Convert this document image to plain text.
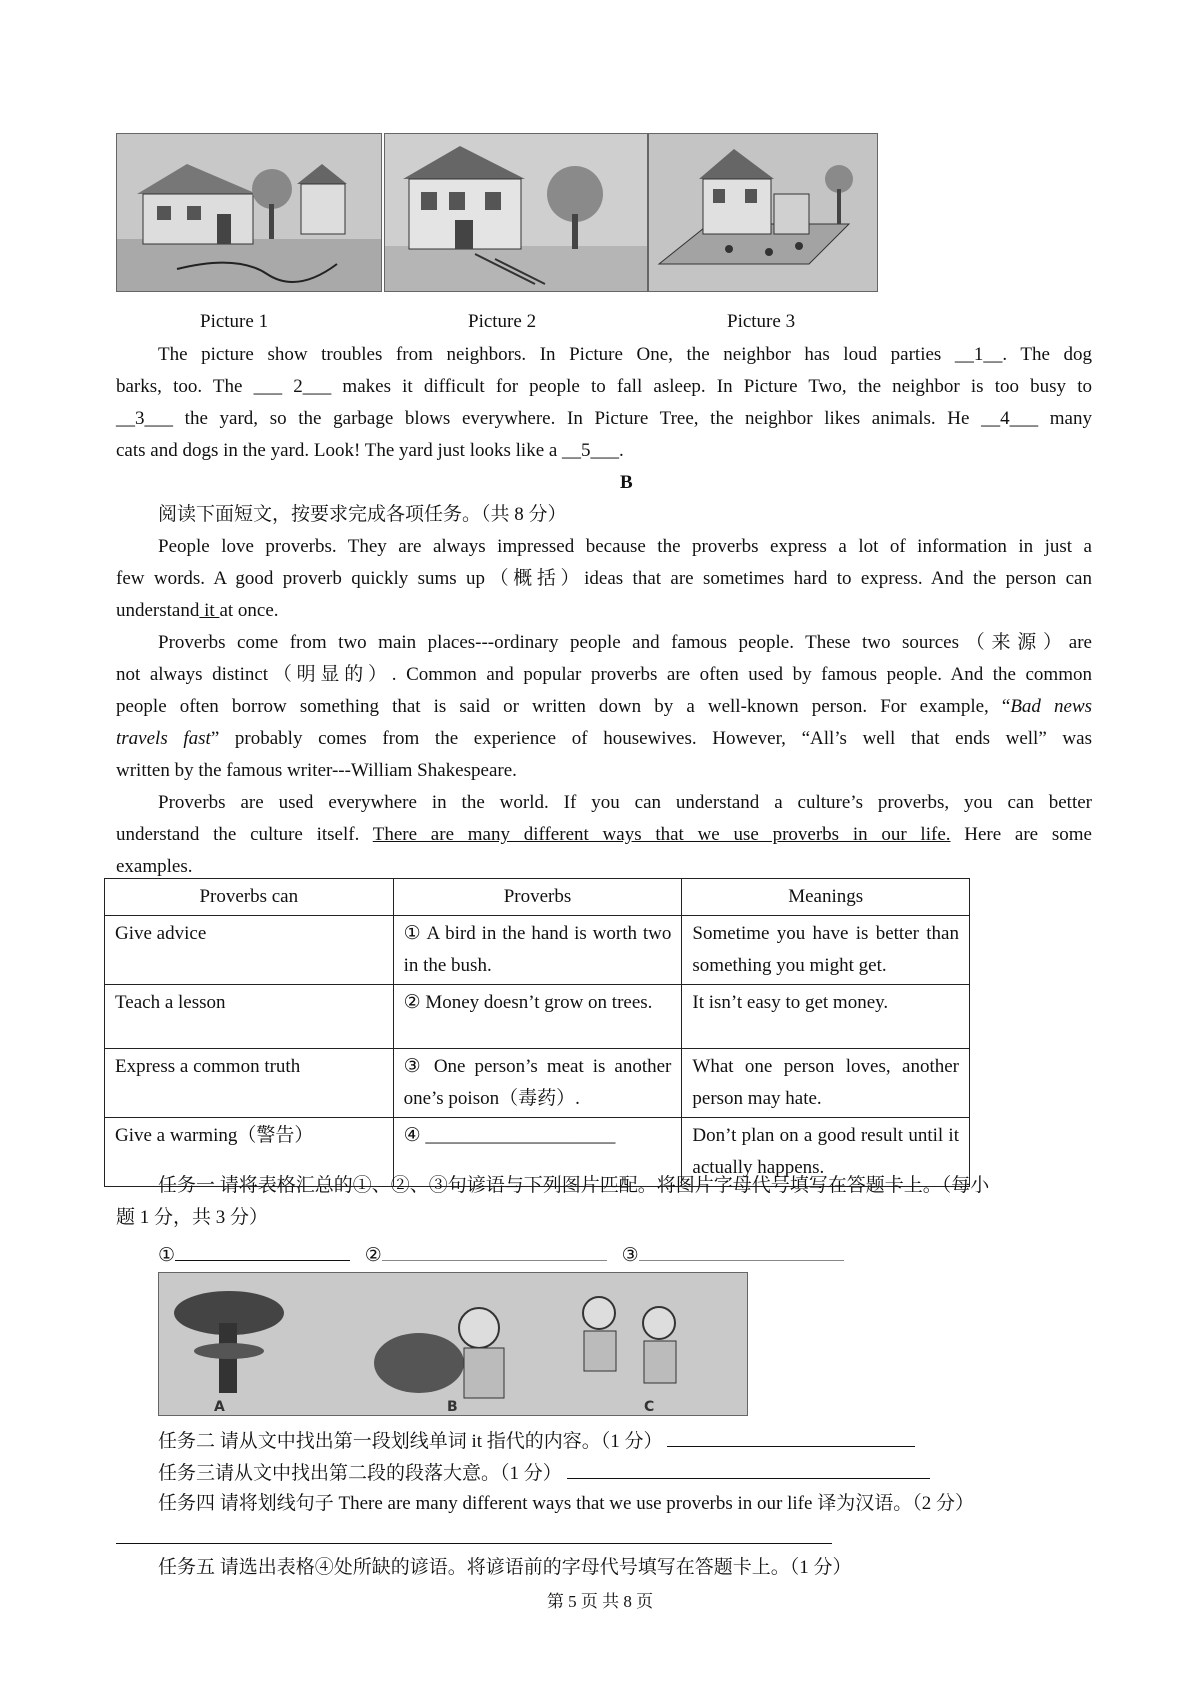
Picture 1	Picture 2	Picture 3
The picture show troubles from neighbors. In Picture One, the neighbor has loud parties __1__. The dog
barks, too. The ___ 2___ makes it difficult for people to fall asleep. In Picture Two, the neighbor is too busy to
__3___ the yard, so the garbage blows everywhere. In Picture Tree, the neighbor likes animals. He __4___ many
cats and dogs in the yard. Look! The yard just looks like a __5___.
B
阅读下面短文，按要求完成各项任务。（共 8 分）
People love proverbs. They are always impressed because the proverbs express a lot of information in just a
few words. A good proverb quickly sums up（概括）ideas that are sometimes hard to express. And the person can
understand it at once.
Proverbs come from two main places---ordinary people and famous people. These two sources（来源）are
not always distinct（明显的）. Common and popular proverbs are often used by famous people. And the common
people often borrow something that is said or written down by a well-known person. For example, “Bad news
travels fast” probably comes from the experience of housewives. However, “All’s well that ends well” was
written by the famous writer---William Shakespeare.
Proverbs are used everywhere in the world. If you can understand a culture’s proverbs, you can better
understand the culture itself. There are many different ways that we use proverbs in our life. Here are some
examples.
Proverbs can	Proverbs	Meanings
Give advice	① A bird in the hand is worth two in the bush.	Sometime you have is better than something you might get.
Teach a lesson	② Money doesn’t grow on trees.	It isn’t easy to get money.
Express a common truth	③ One person’s meat is another one’s poison（毒药）.	What one person loves, another person may hate.
Give a warming（警告）	④ ____________________	Don’t plan on a good result until it actually happens.
任务一 请将表格汇总的①、②、③句谚语与下列图片匹配。将图片字母代号填写在答题卡上。（每小
题 1 分，共 3 分）
①	②	③
A	B	C
任务二 请从文中找出第一段划线单词 it 指代的内容。（1 分）
任务三请从文中找出第二段的段落大意。（1 分）
任务四 请将划线句子 There are many different ways that we use proverbs in our life 译为汉语。（2 分）
任务五 请选出表格④处所缺的谚语。将谚语前的字母代号填写在答题卡上。（1 分）
第 5 页 共 8 页
